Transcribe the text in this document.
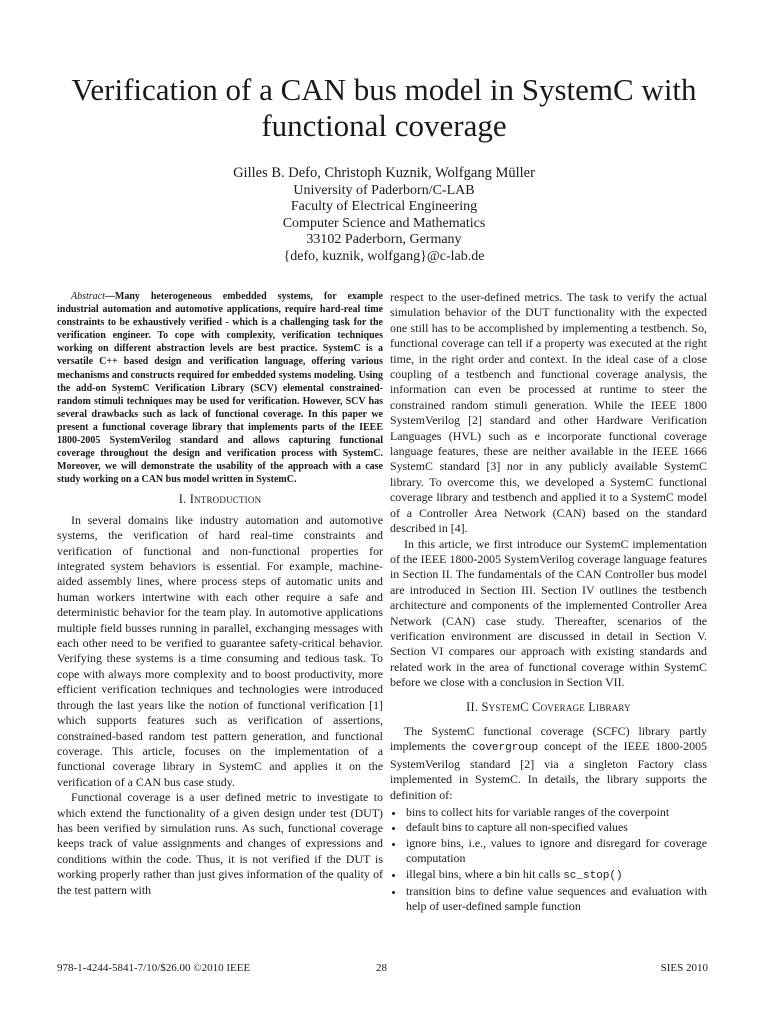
Verification of a CAN bus model in SystemC with functional coverage
Gilles B. Defo, Christoph Kuznik, Wolfgang Müller
University of Paderborn/C-LAB
Faculty of Electrical Engineering
Computer Science and Mathematics
33102 Paderborn, Germany
{defo, kuznik, wolfgang}@c-lab.de

Abstract—Many heterogeneous embedded systems, for example industrial automation and automotive applications, require hard-real time constraints to be exhaustively verified - which is a challenging task for the verification engineer. To cope with complexity, verification techniques working on different abstraction levels are best practice. SystemC is a versatile C++ based design and verification language, offering various mechanisms and constructs required for embedded systems modeling. Using the add-on SystemC Verification Library (SCV) elemental constrained-random stimuli techniques may be used for verification. However, SCV has several drawbacks such as lack of functional coverage. In this paper we present a functional coverage library that implements parts of the IEEE 1800-2005 SystemVerilog standard and allows capturing functional coverage throughout the design and verification process with SystemC. Moreover, we will demonstrate the usability of the approach with a case study working on a CAN bus model written in SystemC.

I. Introduction

In several domains like industry automation and automotive systems, the verification of hard real-time constraints and verification of functional and non-functional properties for integrated system behaviors is essential. For example, machine-aided assembly lines, where process steps of automatic units and human workers intertwine with each other require a safe and deterministic behavior for the team play. In automotive applications multiple field busses running in parallel, exchanging messages with each other need to be verified to guarantee safety-critical behavior. Verifying these systems is a time consuming and tedious task. To cope with always more complexity and to boost productivity, more efficient verification techniques and technologies were introduced through the last years like the notion of functional verification [1] which supports features such as verification of assertions, constrained-based random test pattern generation, and functional coverage. This article, focuses on the implementation of a functional coverage library in SystemC and applies it on the verification of a CAN bus case study.

Functional coverage is a user defined metric to investigate to which extend the functionality of a given design under test (DUT) has been verified by simulation runs. As such, functional coverage keeps track of value assignments and changes of expressions and conditions within the code. Thus, it is not verified if the DUT is working properly rather than just gives information of the quality of the test pattern with

respect to the user-defined metrics. The task to verify the actual simulation behavior of the DUT functionality with the expected one still has to be accomplished by implementing a testbench. So, functional coverage can tell if a property was executed at the right time, in the right order and context. In the ideal case of a close coupling of a testbench and functional coverage analysis, the information can even be processed at runtime to steer the constrained random stimuli generation. While the IEEE 1800 SystemVerilog [2] standard and other Hardware Verification Languages (HVL) such as e incorporate functional coverage language features, these are neither available in the IEEE 1666 SystemC standard [3] nor in any publicly available SystemC library. To overcome this, we developed a SystemC functional coverage library and testbench and applied it to a SystemC model of a Controller Area Network (CAN) based on the standard described in [4].

In this article, we first introduce our SystemC implementation of the IEEE 1800-2005 SystemVerilog coverage language features in Section II. The fundamentals of the CAN Controller bus model are introduced in Section III. Section IV outlines the testbench architecture and components of the implemented Controller Area Network (CAN) case study. Thereafter, scenarios of the verification environment are discussed in detail in Section V. Section VI compares our approach with existing standards and related work in the area of functional coverage within SystemC before we close with a conclusion in Section VII.

II. SystemC Coverage Library

The SystemC functional coverage (SCFC) library partly implements the covergroup concept of the IEEE 1800-2005 SystemVerilog standard [2] via a singleton Factory class implemented in SystemC. In details, the library supports the definition of:

• bins to collect hits for variable ranges of the coverpoint
• default bins to capture all non-specified values
• ignore bins, i.e., values to ignore and disregard for coverage computation
• illegal bins, where a bin hit calls sc_stop()
• transition bins to define value sequences and evaluation with help of user-defined sample function
978-1-4244-5841-7/10/$26.00 ©2010 IEEE	28	SIES 2010
